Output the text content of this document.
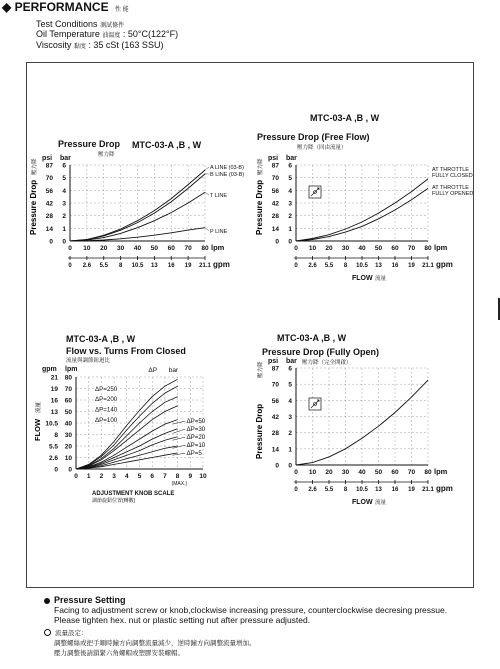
◆ PERFORMANCE 性 能
Test Conditions 測試條件
Oil Temperature 油溫度 : 50°C(122°F)
Viscosity 黏度 : 35 cSt (163 SSU)
MTC-03-A ,B , W
Pressure Drop
壓力降
psi bar
0 10 20 30 40 50 60 70 80
0
0
1
14
2
28
3
42
4
56
5
70
6
87
lpm
0 2.6 5.5 8 10.5 13 16 19 21.1 gpm
Pressure Drop
壓力降	A LINE (03-B)
B LINE (03-B)
T LINE
P LINE
MTC-03-A ,B , W
Pressure Drop (Free Flow)
壓力降（回由流量）
psi bar
0 10 20 30 40 50 60 70 80
0
0
1
14
2
28
3
42
4
56
5
70
6
87
lpm
0 2.6 5.5 8 10.5 13 16 19 21.1 gpm
Pressure Drop
壓力降
FLOW 流量
AT THROTTLE
FULLY CLOSED
AT THROTTLE
FULLY OPENED
MTC-03-A ,B , W
Pressure Drop (Fully Open)
壓力降（完全開啟）
psi bar
0 10 20 30 40 50 60 70 80
0
0
1
14
2
28
3
42
4
56
5
70
6
87
lpm
0 2.6 5.5 8 10.5 13 16 19 21.1 gpm
Pressure Drop
壓力降
FLOW 流量
MTC-03-A ,B , W
Flow vs. Turns From Closed
流量與調節鈕迴比
gpm lpm
0 1 2 3 4 5 6 7 8 9 10
0
0
10
2.6
20
5.5
30
8
40
10.5
50
13
60
16
70
19
80
21
(MAX.)
ADJUSTMENT KNOB SCALE
調節旋鈕位置(轉數)
FLOW
流量
ΔP bar
ΔP=250
ΔP=200
ΔP=140
ΔP=100	ΔP=50
ΔP=30
ΔP=20
ΔP=10
ΔP=5
Pressure Setting
Facing to adjustment screw or knob,clockwise increasing pressure, counterclockwise decresing pressue.
Please tighten hex. nut or plastic setting nut after pressure adjusted.
流量設定：
調整螺絲或把手順時鐘方向調整流量減少，逆時鐘方向調整流量增加。
壓力調整後請鎖緊六角螺帽或塑膠安裝螺帽。
